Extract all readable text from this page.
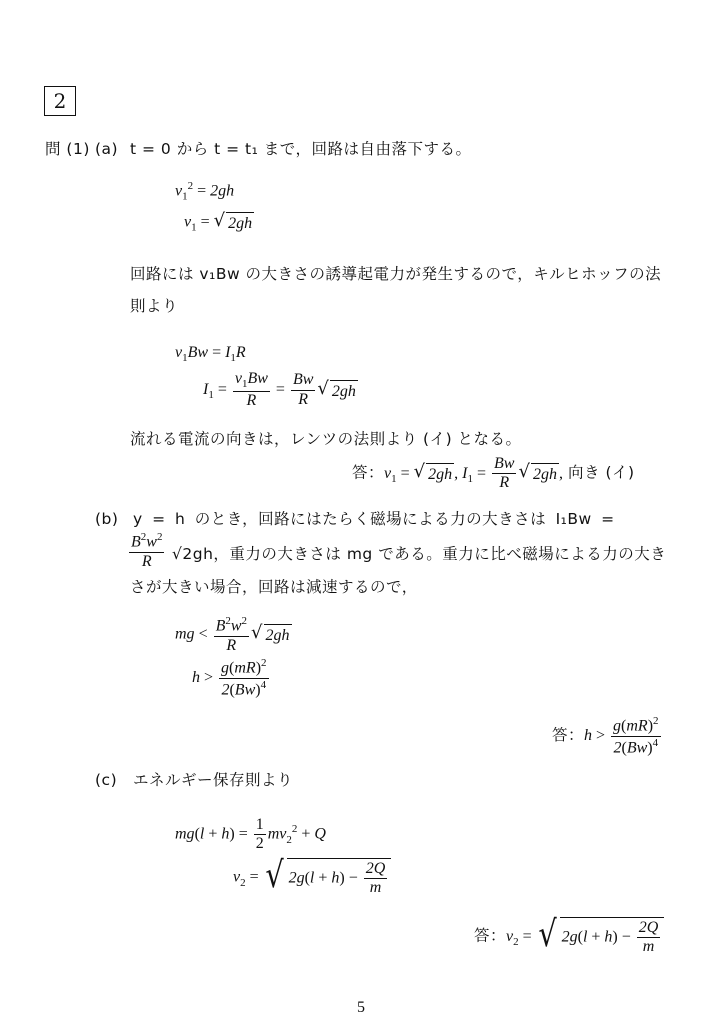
2
問 (1) (a) t = 0 から t = t₁ まで，回路は自由落下する。
$v_1^2 = 2gh$
$v_1$ = √ 2gh
回路には v₁Bw の大きさの誘導起電力が発生するので，キルヒホッフの法
則より
$v_1Bw = I_1R$
$I_1 = \frac{v_1Bw}{R} = \frac{Bw}{R}$ √ 2gh
流れる電流の向きは，レンツの法則より (イ) となる。
答：$v_1$ = √ 2gh , $I_1 = \frac{Bw}{R}$ √ 2gh , 向き (イ)
(b) y = h のとき，回路にはたらく磁場による力の大きさは I₁Bw =
$\frac{B^2w^2}{R} √2gh$，重力の大きさは mg である。重力に比べ磁場による力の大き
さが大きい場合，回路は減速するので，
mg < $\frac{B^2w^2}{R}$ √ 2gh
$h > \frac{g(mR)^2}{2(Bw)^4}$
答：$h > \frac{g(mR)^2}{2(Bw)^4}$
(c) エネルギー保存則より
$mg(l + h) = \frac{1}{2} mv_2^2 + Q$
$v_2$ = √ $2g(l + h) - \frac{2Q}{m}$
答：$v_2$ = √ $2g(l + h) - \frac{2Q}{m}$
5
